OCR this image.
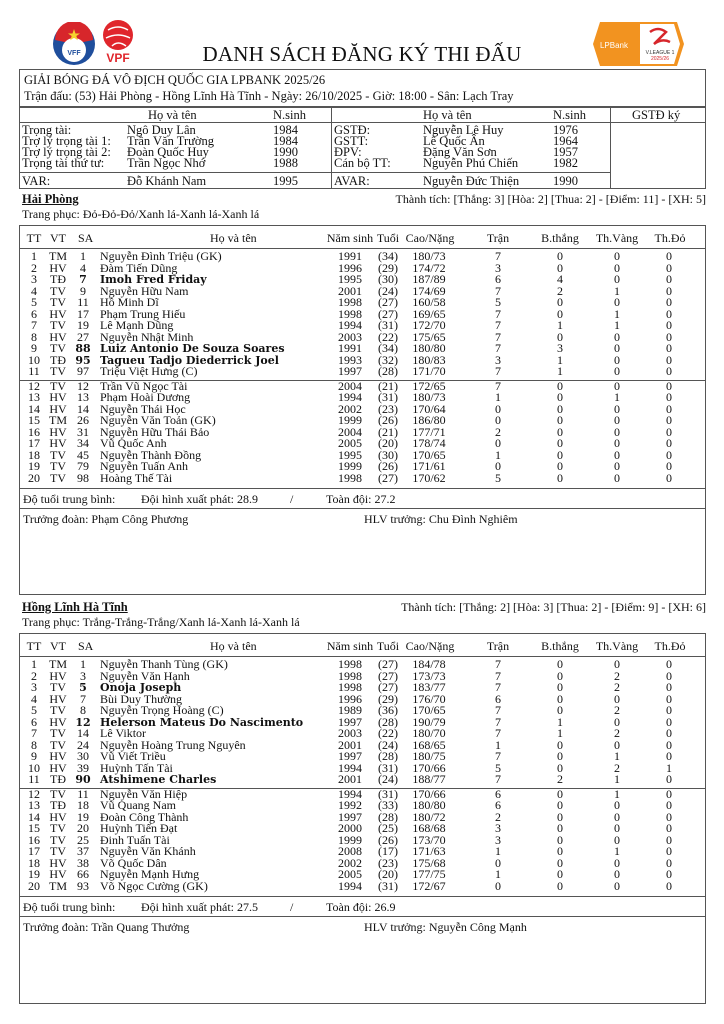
VFF VPF
LPBank
V.LEAGUE 1
2025/26
DANH SÁCH ĐĂNG KÝ THI ĐẤU
GIẢI BÓNG ĐÁ VÔ ĐỊCH QUỐC GIA LPBANK 2025/26
Trận đấu: (53) Hải Phòng - Hồng Lĩnh Hà Tĩnh - Ngày: 26/10/2025 - Giờ: 18:00 - Sân: Lạch Tray
Họ và tên	N.sinh	Họ và tên	N.sinh	GSTĐ ký
Trọng tài:	Ngô Duy Lân	1984
Trợ lý trọng tài 1: Trần Văn Trường	1984
Trợ lý trọng tài 2: Đoàn Quốc Huy	1990
Trọng tài thứ tư: Trần Ngọc Nhớ	1988
GSTĐ:	Nguyễn Lê Huy	1976
GSTT:	Lê Quốc Ân	1964
ĐPV:	Đặng Văn Sơn	1957
Cán bộ TT:	Nguyễn Phú Chiến	1982
VAR:	Đỗ Khánh Nam	1995	AVAR:	Nguyễn Đức Thiện	1990
Hải Phòng	Thành tích: [Thắng: 3] [Hòa: 2] [Thua: 2] - [Điểm: 11] - [XH: 5]
Trang phục: Đỏ-Đỏ-Đỏ/Xanh lá-Xanh lá-Xanh lá
TT VT SA	Họ và tên	Năm sinh Tuổi Cao/Nặng	Trận	B.thắng	Th.Vàng	Th.Đỏ
1	TM	1	Nguyễn Đình Triệu (GK)	1991	(34)	180/73	7	0	0	0
2	HV	4	Đàm Tiến Dũng	1996	(29)	174/72	3	0	0	0
3	TĐ	7	Imoh Fred Friday	1995	(30)	187/89	6	4	0	0
4	TV	9	Nguyễn Hữu Nam	2001	(24)	174/69	7	2	1	0
5	TV 11 Hồ Minh Dĩ	1998	(27)	160/58	5	0	0	0
6	HV 17 Phạm Trung Hiếu	1998	(27)	169/65	7	0	1	0
7	TV 19 Lê Mạnh Dũng	1994	(31)	172/70	7	1	1	0
8	HV 27 Nguyễn Nhật Minh	2003	(22)	175/65	7	0	0	0
9	TV 88 Luiz Antonio De Souza Soares	1991	(34)	180/80	7	3	0	0
10 TĐ 95 Tagueu Tadjo Diederrick Joel	1993	(32)	180/83	3	1	0	0
11 TV 97 Triệu Việt Hưng (C)	1997	(28)	171/70	7	1	0	0
12 TV 12 Trần Vũ Ngọc Tài	2004	(21)	172/65	7	0	0	0
13 HV 13 Phạm Hoài Dương	1994	(31)	180/73	1	0	1	0
14 HV 14 Nguyễn Thái Học	2002	(23)	170/64	0	0	0	0
15 TM 26 Nguyễn Văn Toản (GK)	1999	(26)	186/80	0	0	0	0
16 HV 31 Nguyễn Hữu Thái Bảo	2004	(21)	177/71	2	0	0	0
17 HV 34 Vũ Quốc Anh	2005	(20)	178/74	0	0	0	0
18 TV 45 Nguyễn Thành Đồng	1995	(30)	170/65	1	0	0	0
19 TV 79 Nguyễn Tuấn Anh	1999	(26)	171/61	0	0	0	0
20 TV 98 Hoàng Thế Tài	1998	(27)	170/62	5	0	0	0
Độ tuổi trung bình: Đội hình xuất phát: 28.9	/	Toàn đội: 27.2
Trưởng đoàn: Phạm Công Phương	HLV trưởng: Chu Đình Nghiêm
Hồng Lĩnh Hà Tĩnh	Thành tích: [Thắng: 2] [Hòa: 3] [Thua: 2] - [Điểm: 9] - [XH: 6]
Trang phục: Trắng-Trắng-Trắng/Xanh lá-Xanh lá-Xanh lá
TT VT SA	Họ và tên	Năm sinh Tuổi Cao/Nặng	Trận	B.thắng	Th.Vàng	Th.Đỏ
1	TM	1	Nguyễn Thanh Tùng (GK)	1998	(27)	184/78	7	0	0	0
2	HV	3	Nguyễn Văn Hạnh	1998	(27)	173/73	7	0	2	0
3	TV	5	Onoja Joseph	1998	(27)	183/77	7	0	2	0
4	HV	7	Bùi Duy Thường	1996	(29)	176/70	6	0	0	0
5	TV	8	Nguyễn Trọng Hoàng (C)	1989	(36)	170/65	7	0	2	0
6	HV 12 Helerson Mateus Do Nascimento	1997	(28)	190/79	7	1	0	0
7	TV 14 Lê Viktor	2003	(22)	180/70	7	1	2	0
8	TV 24 Nguyễn Hoàng Trung Nguyên	2001	(24)	168/65	1	0	0	0
9	HV 30 Vũ Viết Triều	1997	(28)	180/75	7	0	1	0
10 HV 39 Huỳnh Tấn Tài	1994	(31)	170/66	5	0	2	1
11 TĐ 90 Atshimene Charles	2001	(24)	188/77	7	2	1	0
12 TV 11 Nguyễn Văn Hiệp	1994	(31)	170/66	6	0	1	0
13 TĐ 18 Vũ Quang Nam	1992	(33)	180/80	6	0	0	0
14 HV 19 Đoàn Công Thành	1997	(28)	180/72	2	0	0	0
15 TV 20 Huỳnh Tiến Đạt	2000	(25)	168/68	3	0	0	0
16 TV 25 Đinh Tuấn Tài	1999	(26)	173/70	3	0	0	0
17 TV 37 Nguyễn Văn Khánh	2008	(17)	171/63	1	0	1	0
18 HV 38 Võ Quốc Dân	2002	(23)	175/68	0	0	0	0
19 HV 66 Nguyễn Mạnh Hưng	2005	(20)	177/75	1	0	0	0
20 TM 93 Võ Ngọc Cường (GK)	1994	(31)	172/67	0	0	0	0
Độ tuổi trung bình: Đội hình xuất phát: 27.5	/	Toàn đội: 26.9
Trưởng đoàn: Trần Quang Thưởng	HLV trưởng: Nguyễn Công Mạnh
